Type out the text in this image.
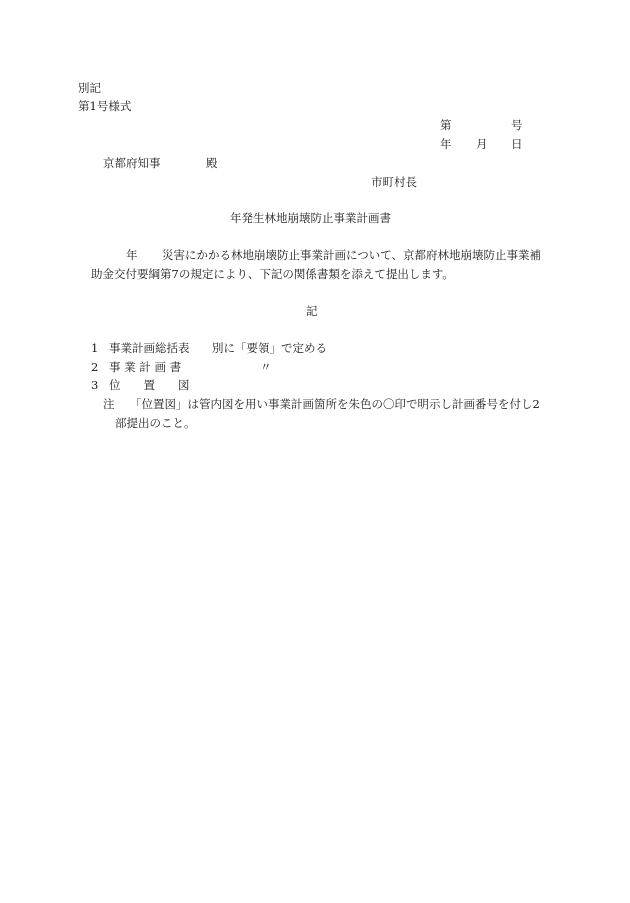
別記
第1号様式
第	号
年 月 日
京都府知事	殿
市町村長
年発生林地崩壊防止事業計画書
年 災害にかかる林地崩壊防止事業計画について、京都府林地崩壊防止事業補
助金交付要綱第7の規定により、下記の関係書類を添えて提出します。
記
1 事業計画総括表 別に「要領」で定める
2 事 業 計 画 書	〃
3 位　　置　　図
注 「位置図」は管内図を用い事業計画箇所を朱色の〇印で明示し計画番号を付し2
部提出のこと。
